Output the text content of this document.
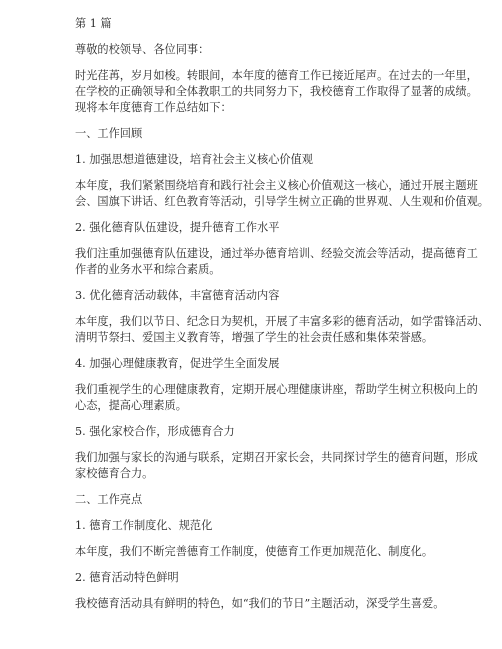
第 1 篇

尊敬的校领导、各位同事：

时光荏苒，岁月如梭。转眼间，本年度的德育工作已接近尾声。在过去的一年里，

在学校的正确领导和全体教职工的共同努力下，我校德育工作取得了显著的成绩。

现将本年度德育工作总结如下：

一、工作回顾

1. 加强思想道德建设，培育社会主义核心价值观

本年度，我们紧紧围绕培育和践行社会主义核心价值观这一核心，通过开展主题班

会、国旗下讲话、红色教育等活动，引导学生树立正确的世界观、人生观和价值观。

2. 强化德育队伍建设，提升德育工作水平

我们注重加强德育队伍建设，通过举办德育培训、经验交流会等活动，提高德育工

作者的业务水平和综合素质。

3. 优化德育活动载体，丰富德育活动内容

本年度，我们以节日、纪念日为契机，开展了丰富多彩的德育活动，如学雷锋活动、

清明节祭扫、爱国主义教育等，增强了学生的社会责任感和集体荣誉感。

4. 加强心理健康教育，促进学生全面发展

我们重视学生的心理健康教育，定期开展心理健康讲座，帮助学生树立积极向上的

心态，提高心理素质。

5. 强化家校合作，形成德育合力

我们加强与家长的沟通与联系，定期召开家长会，共同探讨学生的德育问题，形成

家校德育合力。

二、工作亮点

1. 德育工作制度化、规范化

本年度，我们不断完善德育工作制度，使德育工作更加规范化、制度化。

2. 德育活动特色鲜明

我校德育活动具有鲜明的特色，如“我们的节日”主题活动，深受学生喜爱。
